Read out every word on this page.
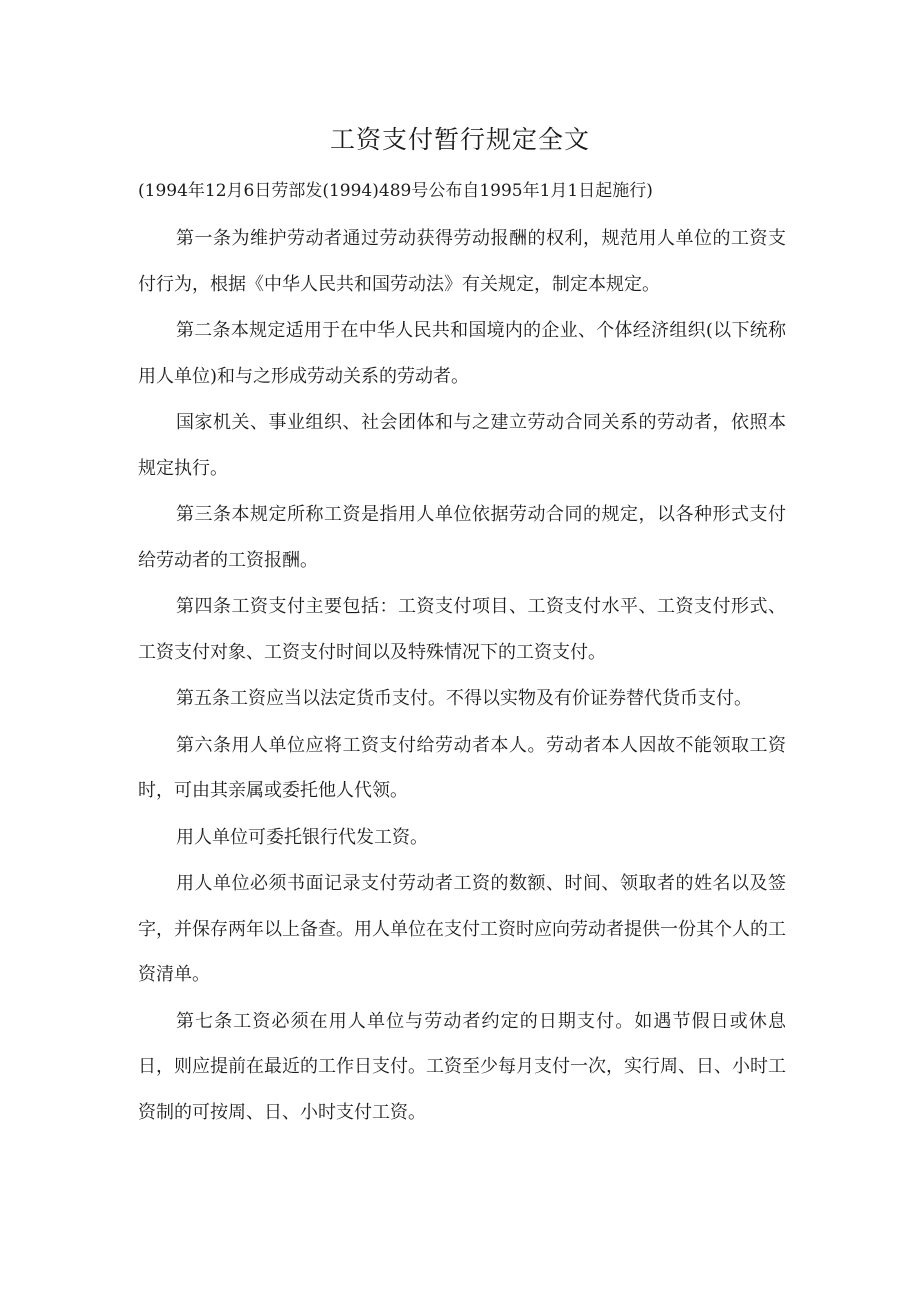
工资支付暂行规定全文

(1994年12月6日劳部发(1994)489号公布自1995年1月1日起施行)

第一条为维护劳动者通过劳动获得劳动报酬的权利，规范用人单位的工资支付行为，根据《中华人民共和国劳动法》有关规定，制定本规定。

第二条本规定适用于在中华人民共和国境内的企业、个体经济组织(以下统称用人单位)和与之形成劳动关系的劳动者。

国家机关、事业组织、社会团体和与之建立劳动合同关系的劳动者，依照本规定执行。

第三条本规定所称工资是指用人单位依据劳动合同的规定，以各种形式支付给劳动者的工资报酬。

第四条工资支付主要包括：工资支付项目、工资支付水平、工资支付形式、工资支付对象、工资支付时间以及特殊情况下的工资支付。

第五条工资应当以法定货币支付。不得以实物及有价证券替代货币支付。

第六条用人单位应将工资支付给劳动者本人。劳动者本人因故不能领取工资时，可由其亲属或委托他人代领。

用人单位可委托银行代发工资。

用人单位必须书面记录支付劳动者工资的数额、时间、领取者的姓名以及签字，并保存两年以上备查。用人单位在支付工资时应向劳动者提供一份其个人的工资清单。

第七条工资必须在用人单位与劳动者约定的日期支付。如遇节假日或休息日，则应提前在最近的工作日支付。工资至少每月支付一次，实行周、日、小时工资制的可按周、日、小时支付工资。
